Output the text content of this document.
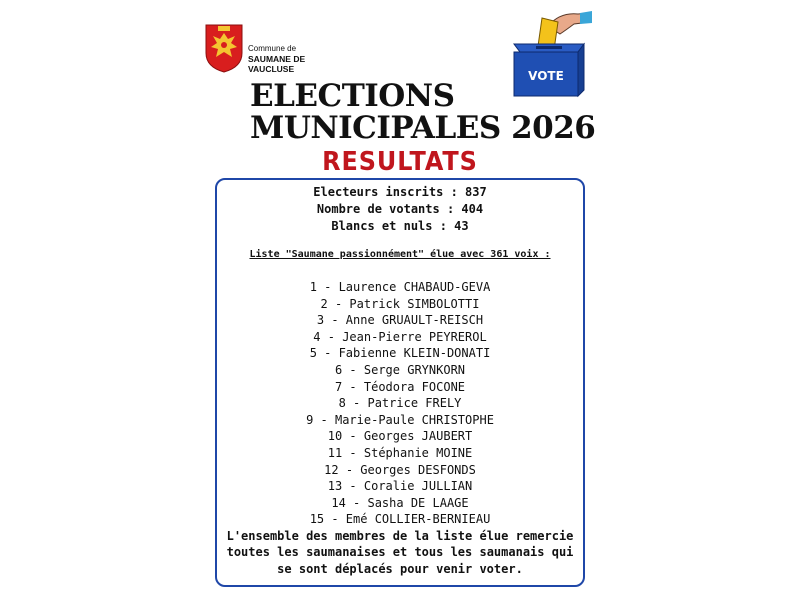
Commune de
SAUMANE DE VAUCLUSE	VOTE
ELECTIONS
MUNICIPALES 2026
RESULTATS
Electeurs inscrits : 837
Nombre de votants : 404
Blancs et nuls : 43
Liste "Saumane passionnément" élue avec 361 voix :
1 - Laurence CHABAUD-GEVA
2 - Patrick SIMBOLOTTI
3 - Anne GRUAULT-REISCH
4 - Jean-Pierre PEYREROL
5 - Fabienne KLEIN-DONATI
6 - Serge GRYNKORN
7 - Téodora FOCONE
8 - Patrice FRELY
9 - Marie-Paule CHRISTOPHE
10 - Georges JAUBERT
11 - Stéphanie MOINE
12 - Georges DESFONDS
13 - Coralie JULLIAN
14 - Sasha DE LAAGE
15 - Emé COLLIER-BERNIEAU

L'ensemble des membres de la liste élue remercie toutes les saumanaises et tous les saumanais qui se sont déplacés pour venir voter.
